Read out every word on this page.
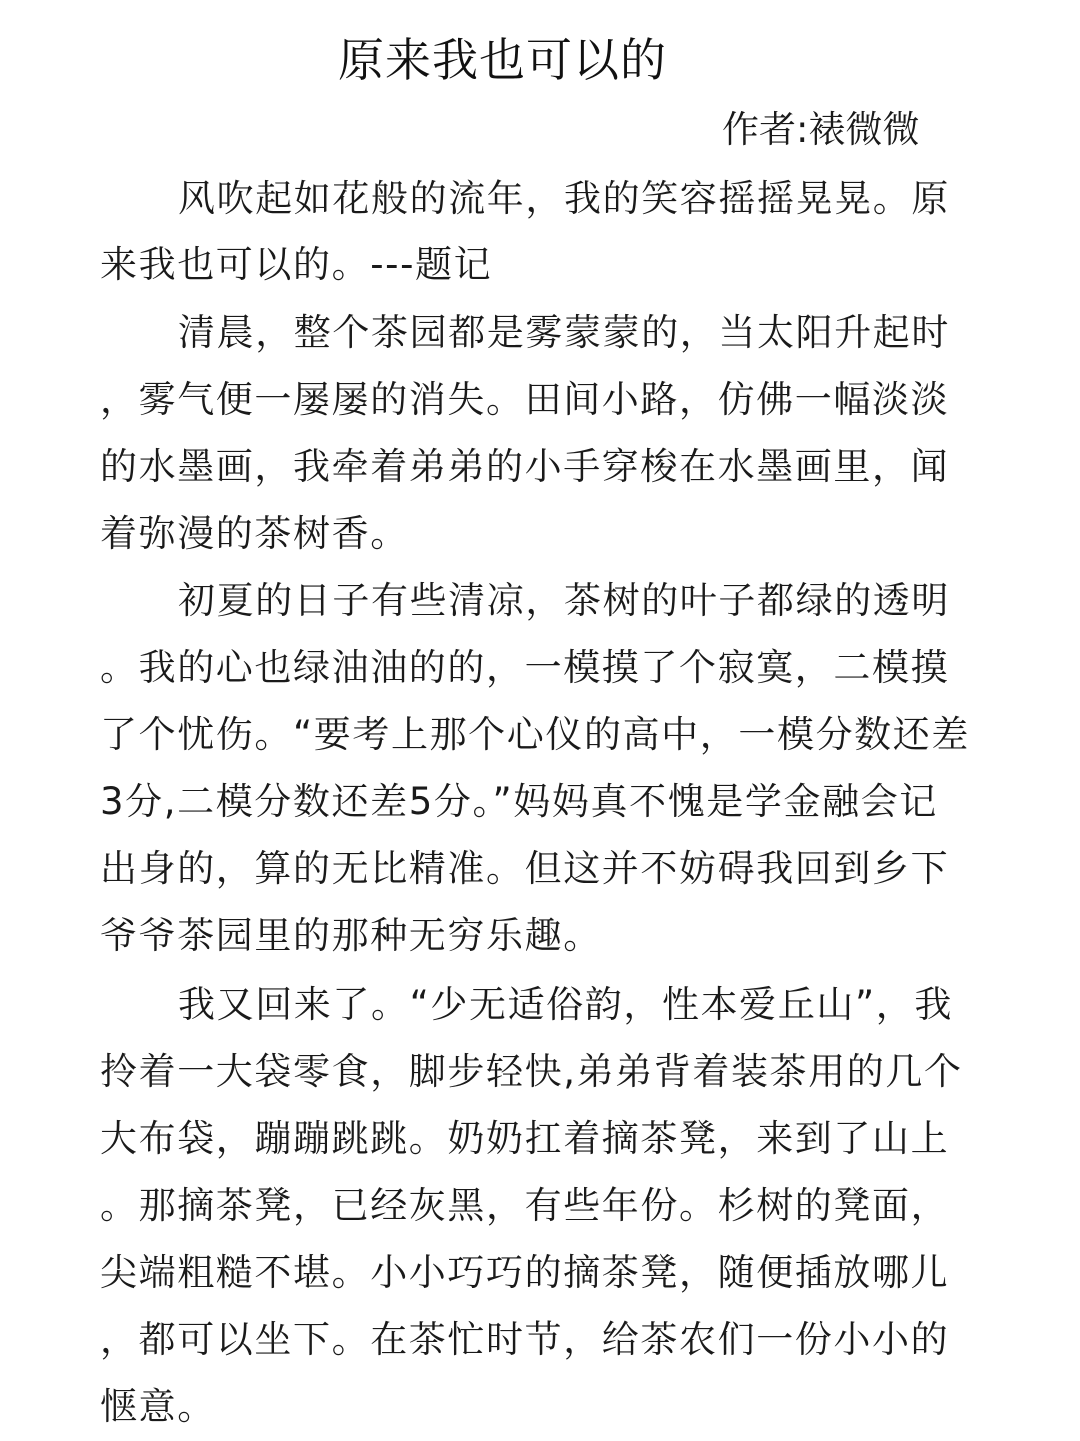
原来我也可以的
作者:裱微微
风吹起如花般的流年，我的笑容摇摇晃晃。原
来我也可以的。---题记
清晨，整个茶园都是雾蒙蒙的，当太阳升起时
，雾气便一屡屡的消失。田间小路，仿佛一幅淡淡
的水墨画，我牵着弟弟的小手穿梭在水墨画里，闻
着弥漫的茶树香。
初夏的日子有些清凉，茶树的叶子都绿的透明
。我的心也绿油油的的，一模摸了个寂寞，二模摸
了个忧伤。“要考上那个心仪的高中，一模分数还差
3分,二模分数还差5分。”妈妈真不愧是学金融会记
出身的，算的无比精准。但这并不妨碍我回到乡下
爷爷茶园里的那种无穷乐趣。
我又回来了。“少无适俗韵，性本爱丘山”，我
拎着一大袋零食，脚步轻快,弟弟背着装茶用的几个
大布袋，蹦蹦跳跳。奶奶扛着摘茶凳，来到了山上
。那摘茶凳，已经灰黑，有些年份。杉树的凳面，
尖端粗糙不堪。小小巧巧的摘茶凳，随便插放哪儿
，都可以坐下。在茶忙时节，给茶农们一份小小的
惬意。
